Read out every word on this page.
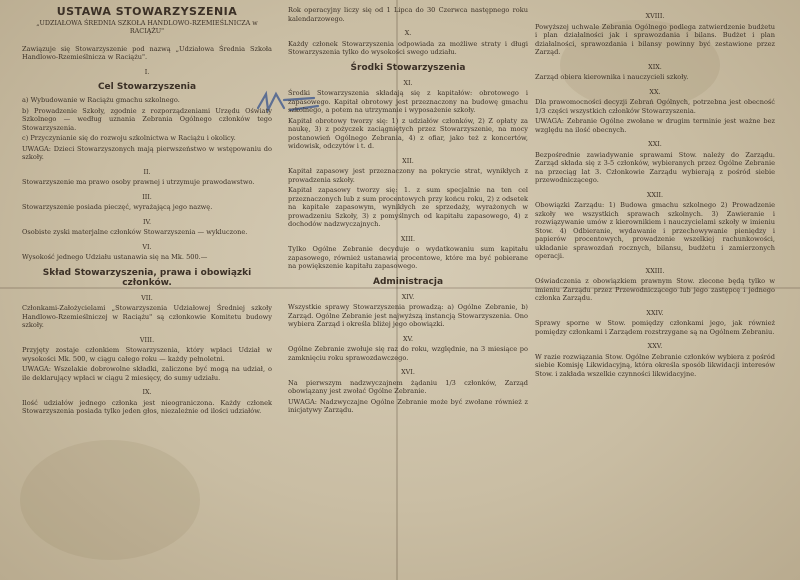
USTAWA STOWARZYSZENIA
„UDZIAŁOWA ŚREDNIA SZKOŁA HANDLOWO-RZEMIEŚLNICZA w RACIĄŻU"
Zawiązuje się Stowarzyszenie pod nazwą „Udziałowa Średnia Szkoła Handlowo-Rzemieślnicza w Raciążu".
I.
Cel Stowarzyszenia
a) Wybudowanie w Raciążu gmachu szkolnego.
b) Prowadzenie Szkoły, zgodnie z rozporządzeniami Urzędu Oświaty Szkolnego — według uznania Zebrania Ogólnego członków tego Stowarzyszenia.
c) Przyczynianie się do rozwoju szkolnictwa w Raciążu i okolicy.
UWAGA: Dzieci Stowarzyszonych mają pierwszeństwo w wstępowaniu do szkoły.
II.
Stowarzyszenie ma prawo osoby prawnej i utrzymuje prawodawstwo.
III.
Stowarzyszenie posiada pieczęć, wyrażającą jego nazwę.
IV.
Osobiste zyski materjalne członków Stowarzyszenia — wykluczone.
VI.
Wysokość jednego Udziału ustanawia się na Mk. 500.—
Skład Stowarzyszenia, prawa i obowiązki członków.
VII.
Członkami-Założycielami „Stowarzyszenia Udziałowej Średniej szkoły Handlowo-Rzemieślniczej w Raciążu" są członkowie Komitetu budowy szkoły.
VIII.
Przyjęty zostaje członkiem Stowarzyszenia, który wpłaci Udział w wysokości Mk. 500, w ciągu całego roku — każdy pełnoletni.
UWAGA: Wszelakie dobrowolne składki, zaliczone być mogą na udział, o ile deklarujący wpłaci w ciągu 2 miesięcy, do sumy udziału.
IX.
Ilość udziałów jednego członka jest nieograniczona. Każdy członek Stowarzyszenia posiada tylko jeden głos, niezależnie od ilości udziałów.
Rok operacyjny liczy się od 1 Lipca do 30 Czerwca następnego roku kalendarzowego.
X.
Każdy członek Stowarzyszenia odpowiada za możliwe straty i długi Stowarzyszenia tylko do wysokości swego udziału.
Środki Stowarzyszenia
XI.
Środki Stowarzyszenia składają się z kapitałów: obrotowego i zapasowego. Kapitał obrotowy jest przeznaczony na budowę gmachu szkolnego, a potem na utrzymanie i wyposażenie szkoły.
Kapitał obrotowy tworzy się: 1) z udziałów członków, 2) Z opłaty za naukę, 3) z pożyczek zaciągniętych przez Stowarzyszenie, na mocy postanowień Ogólnego Zebrania, 4) z ofiar, jako też z koncertów, widowisk, odczytów i t. d.
XII.
Kapitał zapasowy jest przeznaczony na pokrycie strat, wynikłych z prowadzenia szkoły.
Kapitał zapasowy tworzy się: 1. z sum specjalnie na ten cel przeznaczonych lub z sum procentowych przy końcu roku, 2) z odsetek na kapitale zapasowym, wynikłych ze sprzedaży, wyrażonych w prowadzeniu Szkoły, 3) z pomyślnych od kapitału zapasowego, 4) z dochodów nadzwyczajnych.
XIII.
Tylko Ogólne Zebranie decyduje o wydatkowaniu sum kapitału zapasowego, również ustanawia procentowe, które ma być pobierane na powiększenie kapitału zapasowego.
Administracja
XIV.
Wszystkie sprawy Stowarzyszenia prowadzą: a) Ogólne Zebranie, b) Zarząd. Ogólne Zebranie jest najwyższą instancją Stowarzyszenia. Ono wybiera Zarząd i określa bliżej jego obowiązki.
XV.
Ogólne Zebranie zwołuje się raz do roku, względnie, na 3 miesiące po zamknięciu roku sprawozdawczego.
XVI.
Na pierwszym nadzwyczajnem żądaniu 1/3 członków, Zarząd obowiązany jest zwołać Ogólne Zebranie.
UWAGA: Nadzwyczajne Ogólne Zebranie może być zwołane również z inicjatywy Zarządu.
XVIII.
Powyższej uchwale Zebrania Ogólnego podlega zatwierdzenie budżetu i plan działalności jak i sprawozdania i bilans. Budżet i plan działalności, sprawozdania i bilansy powinny być zestawione przez Zarząd.
XIX.
Zarząd obiera kierownika i nauczycieli szkoły.
XX.
Dla prawomocności decyzji Zebrań Ogólnych, potrzebna jest obecność 1/3 części wszystkich członków Stowarzyszenia.
UWAGA: Zebranie Ogólne zwołane w drugim terminie jest ważne bez względu na ilość obecnych.
XXI.
Bezpośrednie zawiadywanie sprawami Stow. należy do Zarządu. Zarząd składa się z 3-5 członków, wybieranych przez Ogólne Zebranie na przeciąg lat 3. Członkowie Zarządu wybierają z pośród siebie przewodniczącego.
XXII.
Obowiązki Zarządu: 1) Budowa gmachu szkolnego 2) Prowadzenie szkoły we wszystkich sprawach szkolnych. 3) Zawieranie i rozwiązywanie umów z kierownikiem i nauczycielami szkoły w imieniu Stow. 4) Odbieranie, wydawanie i przechowywanie pieniędzy i papierów procentowych, prowadzenie wszelkiej rachunkowości, układanie sprawozdań rocznych, bilansu, budżetu i zamierzonych operacji.
XXIII.
Oświadczenia z obowiązkiem prawnym Stow. zlecone będą tylko w imieniu Zarządu przez Przewodniczącego lub jego zastępcę i jednego członka Zarządu.
XXIV.
Sprawy sporne w Stow. pomiędzy członkami jego, jak również pomiędzy członkami i Zarządem rozstrzygane są na Ogólnem Zebraniu.
XXV.
W razie rozwiązania Stow. Ogólne Zebranie członków wybiera z pośród siebie Komisję Likwidacyjną, która określa sposób likwidacji interesów Stow. i zakłada wszelkie czynności likwidacyjne.
